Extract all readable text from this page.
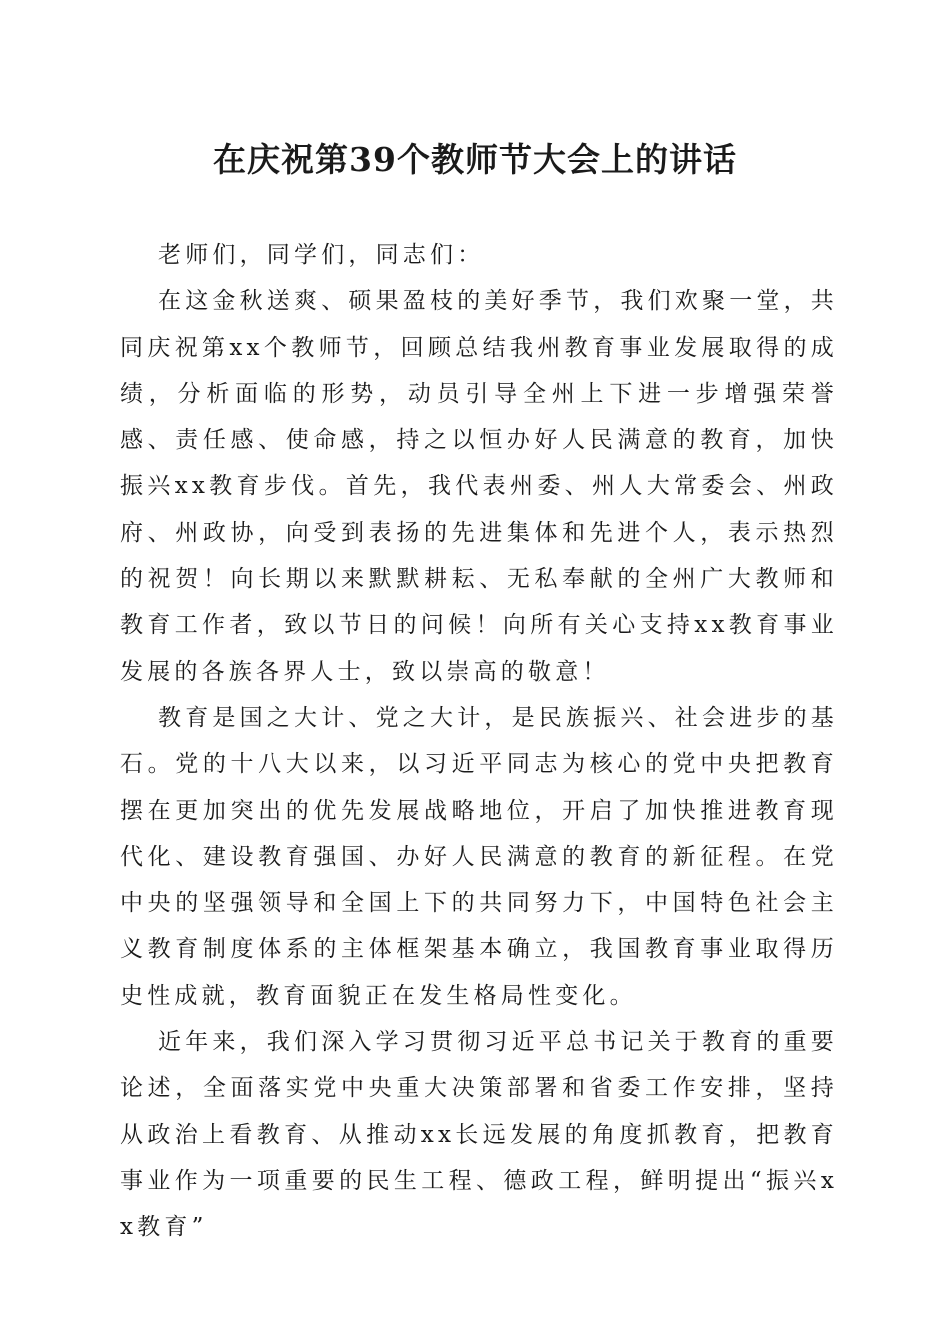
在庆祝第39个教师节大会上的讲话

老师们，同学们，同志们：

在这金秋送爽、硕果盈枝的美好季节，我们欢聚一堂，共同庆祝第xx个教师节，回顾总结我州教育事业发展取得的成绩，分析面临的形势，动员引导全州上下进一步增强荣誉感、责任感、使命感，持之以恒办好人民满意的教育，加快振兴xx教育步伐。首先，我代表州委、州人大常委会、州政府、州政协，向受到表扬的先进集体和先进个人，表示热烈的祝贺！向长期以来默默耕耘、无私奉献的全州广大教师和教育工作者，致以节日的问候！向所有关心支持xx教育事业发展的各族各界人士，致以崇高的敬意！

教育是国之大计、党之大计，是民族振兴、社会进步的基石。党的十八大以来，以习近平同志为核心的党中央把教育摆在更加突出的优先发展战略地位，开启了加快推进教育现代化、建设教育强国、办好人民满意的教育的新征程。在党中央的坚强领导和全国上下的共同努力下，中国特色社会主义教育制度体系的主体框架基本确立，我国教育事业取得历史性成就，教育面貌正在发生格局性变化。

近年来，我们深入学习贯彻习近平总书记关于教育的重要论述，全面落实党中央重大决策部署和省委工作安排，坚持从政治上看教育、从推动xx长远发展的角度抓教育，把教育事业作为一项重要的民生工程、德政工程，鲜明提出“振兴xx教育”
